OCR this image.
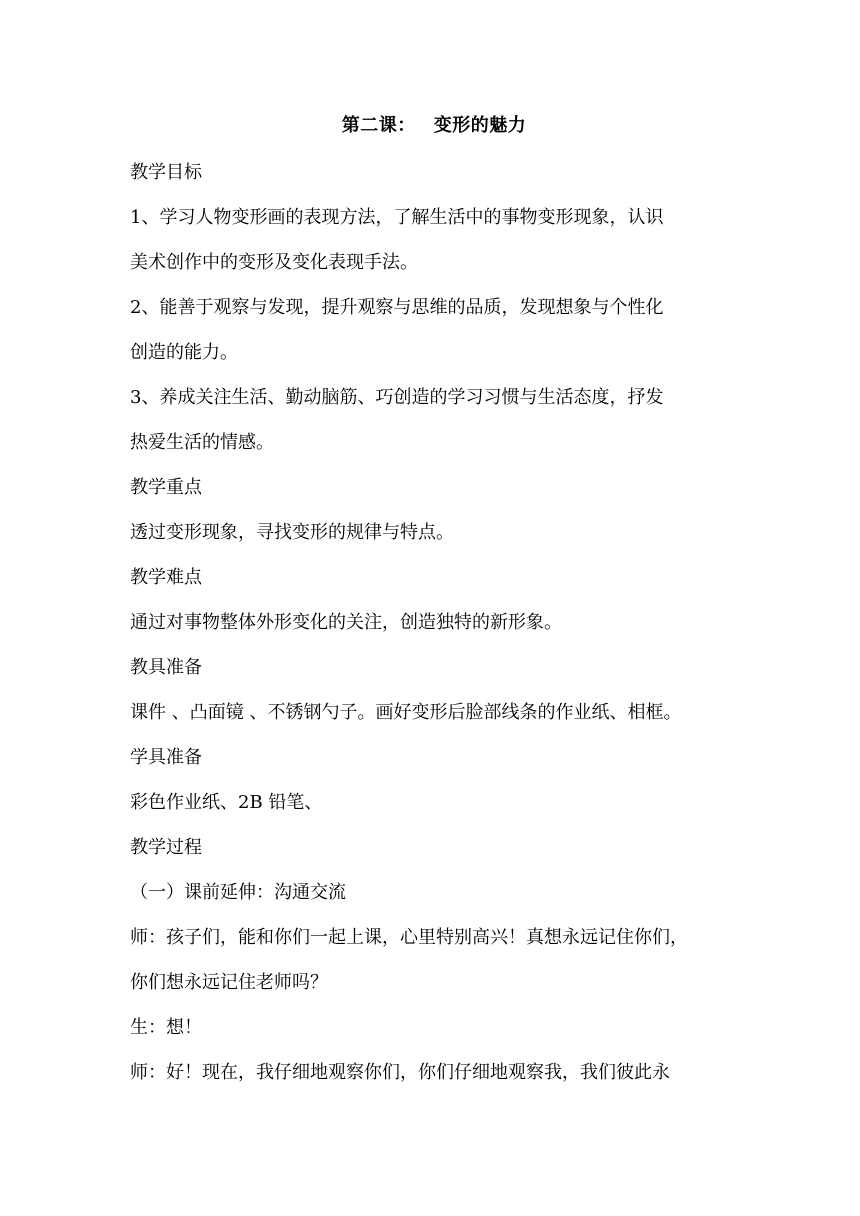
第二课： 变形的魅力

教学目标

1、学习人物变形画的表现方法，了解生活中的事物变形现象，认识

美术创作中的变形及变化表现手法。

2、能善于观察与发现，提升观察与思维的品质，发现想象与个性化

创造的能力。

3、养成关注生活、勤动脑筋、巧创造的学习习惯与生活态度，抒发

热爱生活的情感。

教学重点

透过变形现象，寻找变形的规律与特点。

教学难点

通过对事物整体外形变化的关注，创造独特的新形象。

教具准备

课件 、凸面镜 、不锈钢勺子。画好变形后脸部线条的作业纸、相框。

学具准备

彩色作业纸、2B 铅笔、

教学过程

（一）课前延伸：沟通交流

师：孩子们，能和你们一起上课，心里特别高兴！真想永远记住你们，

你们想永远记住老师吗？

生：想！

师：好！现在，我仔细地观察你们，你们仔细地观察我，我们彼此永
